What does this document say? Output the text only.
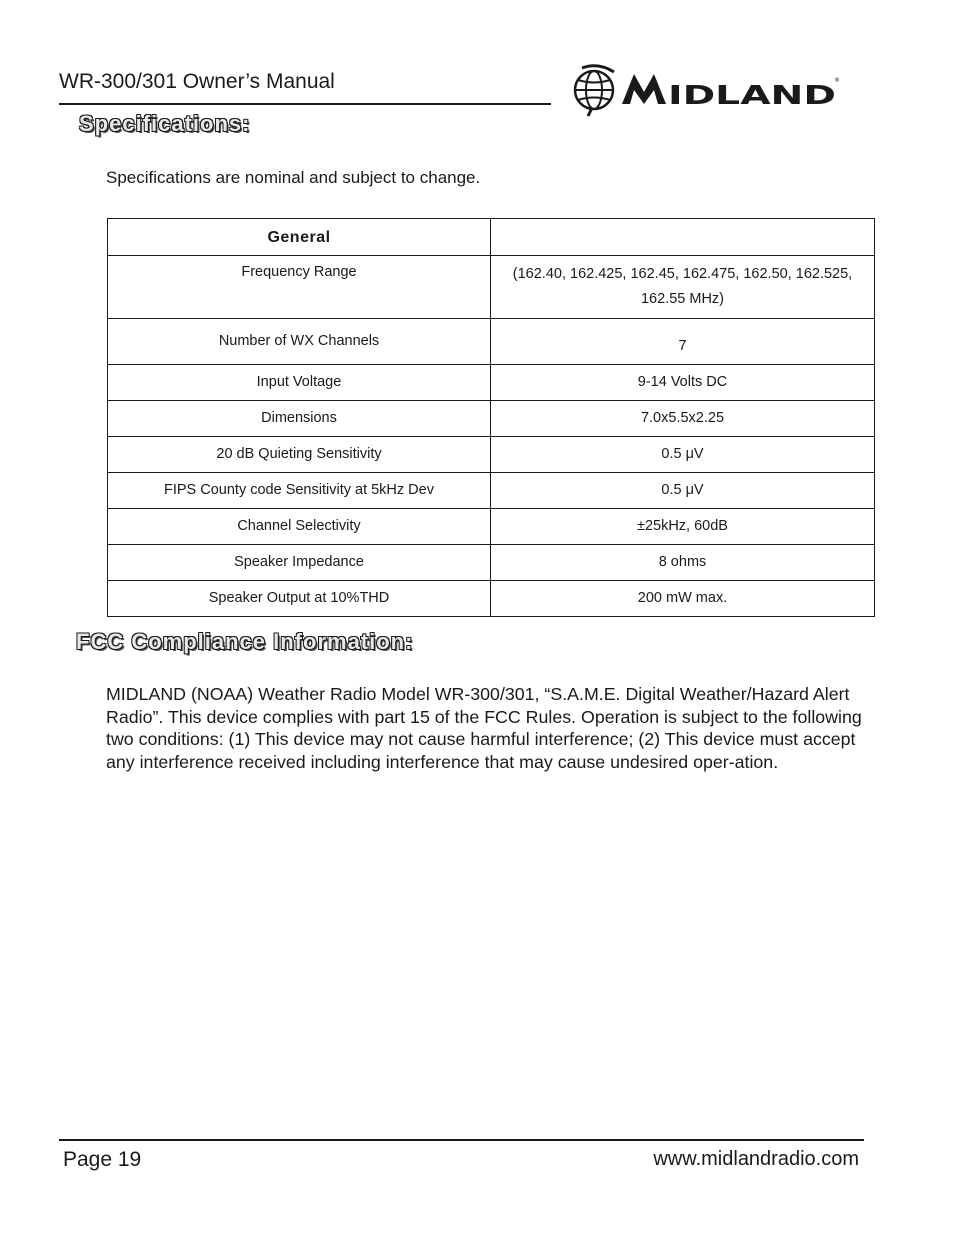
WR-300/301 Owner’s Manual	IDLAND
®
Specifications:
Specifications are nominal and subject to change.
General	
Frequency Range	(162.40, 162.425, 162.45, 162.475, 162.50, 162.525, 162.55 MHz)
Number of WX Channels	7
Input Voltage	9-14 Volts DC
Dimensions	7.0x5.5x2.25
20 dB Quieting Sensitivity	0.5 μV
FIPS County code Sensitivity at 5kHz Dev	0.5 μV
Channel Selectivity	±25kHz, 60dB
Speaker Impedance	8 ohms
Speaker Output at 10%THD	200 mW max.
FCC Compliance Information:
MIDLAND (NOAA) Weather Radio Model WR-300/301, “S.A.M.E. Digital Weather/Hazard Alert Radio”. This device complies with part 15 of the FCC Rules. Operation is subject to the following two conditions: (1) This device may not cause harmful interference; (2) This device must accept any interference received including interference that may cause undesired oper-ation.
Page 19	www.midlandradio.com
